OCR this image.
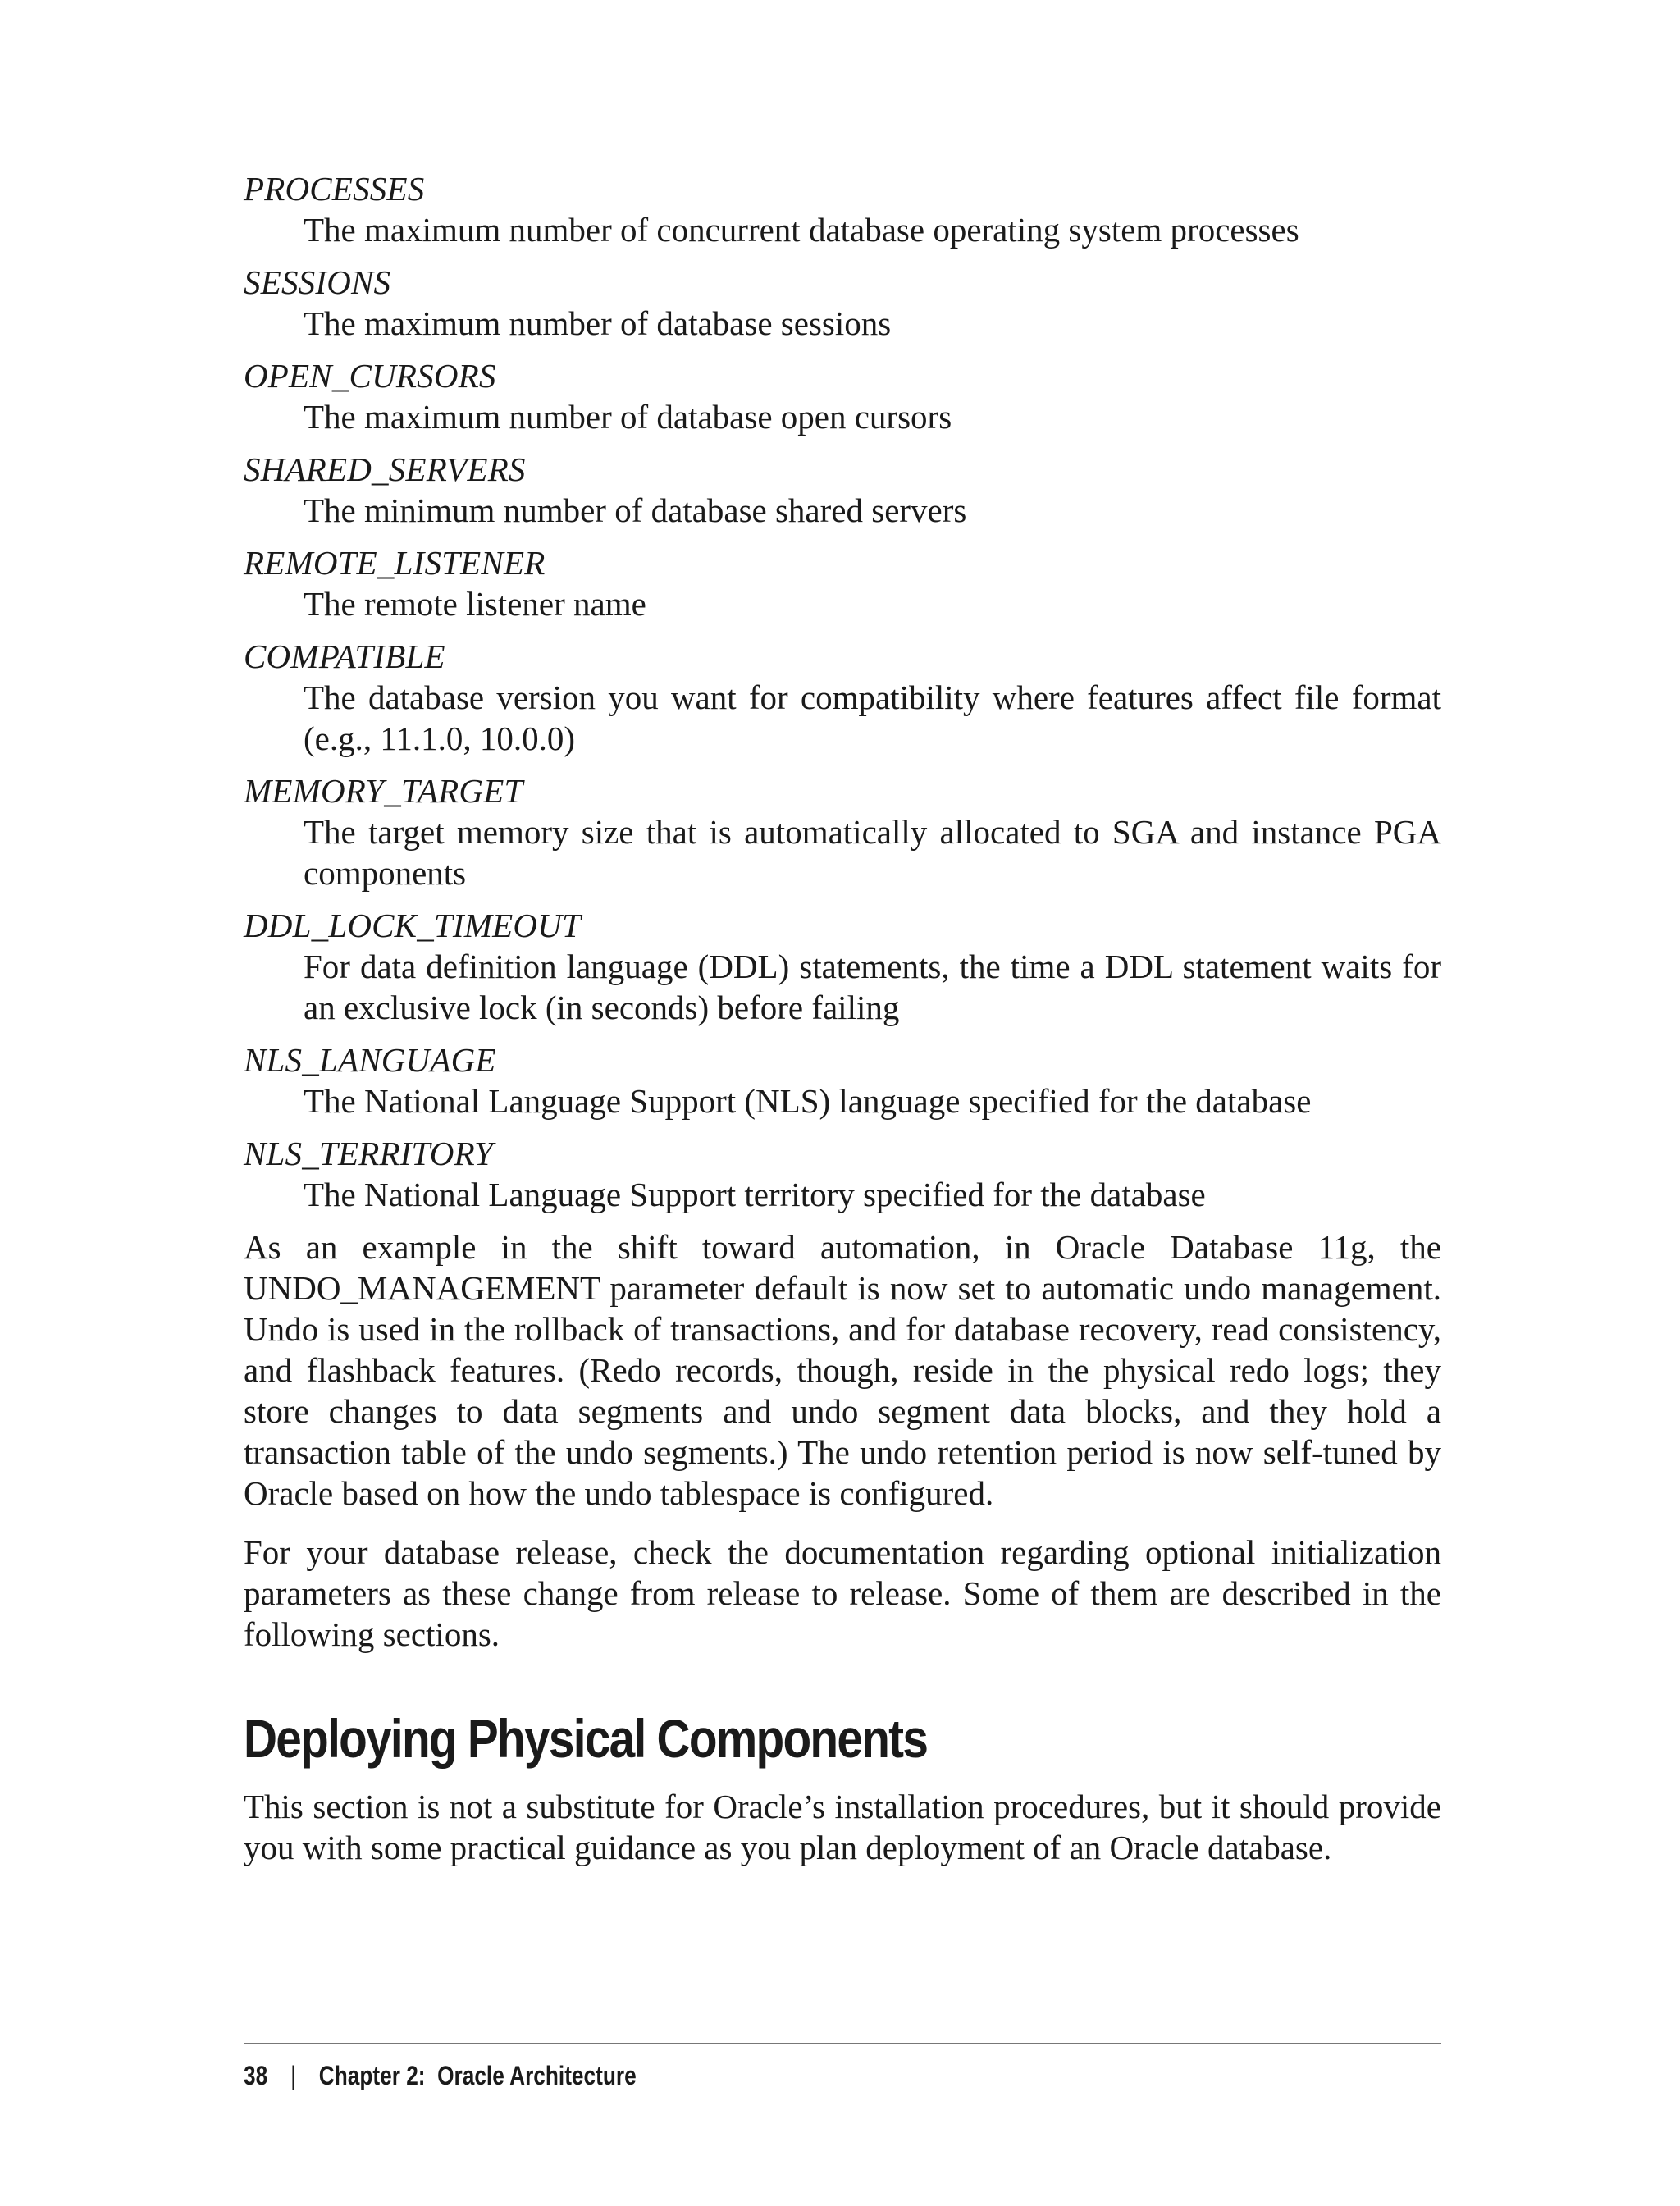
PROCESSES

The maximum number of concurrent database operating system processes

SESSIONS

The maximum number of database sessions

OPEN_CURSORS

The maximum number of database open cursors

SHARED_SERVERS

The minimum number of database shared servers

REMOTE_LISTENER

The remote listener name

COMPATIBLE

The database version you want for compatibility where features affect file format (e.g., 11.1.0, 10.0.0)

MEMORY_TARGET

The target memory size that is automatically allocated to SGA and instance PGA components

DDL_LOCK_TIMEOUT

For data definition language (DDL) statements, the time a DDL statement waits for an exclusive lock (in seconds) before failing

NLS_LANGUAGE

The National Language Support (NLS) language specified for the database

NLS_TERRITORY

The National Language Support territory specified for the database

As an example in the shift toward automation, in Oracle Database 11g, the UNDO_MANAGEMENT parameter default is now set to automatic undo management. Undo is used in the rollback of transactions, and for database recovery, read consistency, and flashback features. (Redo records, though, reside in the physical redo logs; they store changes to data segments and undo segment data blocks, and they hold a transaction table of the undo segments.) The undo retention period is now self-tuned by Oracle based on how the undo tablespace is configured.

For your database release, check the documentation regarding optional initialization parameters as these change from release to release. Some of them are described in the following sections.

Deploying Physical Components

This section is not a substitute for Oracle’s installation procedures, but it should provide you with some practical guidance as you plan deployment of an Oracle database.

38 | Chapter 2:  Oracle Architecture
